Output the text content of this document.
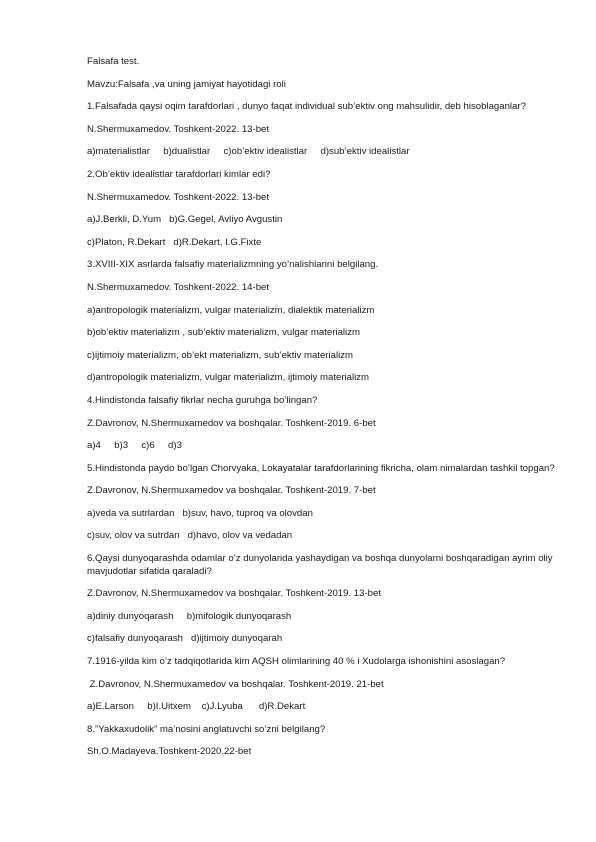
Falsafa test.
Mavzu:Falsafa ,va uning jamiyat hayotidagi roli
1.Falsafada qaysi oqim tarafdorlari , dunyo faqat individual sub’ektiv ong mahsulidir, deb hisoblaganlar?
N.Shermuxamedov. Toshkent-2022. 13-bet
a)materialistlar     b)dualistlar     c)ob’ektiv idealistlar     d)sub’ektiv idealistlar
2.Ob’ektiv idealistlar tarafdorlari kimlar edi?
N.Shermuxamedov. Toshkent-2022. 13-bet
a)J.Berkli, D.Yum   b)G.Gegel, Avliyo Avgustin
c)Platon, R.Dekart   d)R.Dekart, I.G.Fixte
3.XVIII-XIX asrlarda falsafiy materializmning yo’nalishlarini belgilang.
N.Shermuxamedov. Toshkent-2022. 14-bet
a)antropologik materializm, vulgar materializm, dialektik materializm
b)ob’ektiv materializm , sub’ektiv materializm, vulgar materializm
c)ijtimoiy materializm, ob’ekt materializm, sub’ektiv materializm
d)antropologik materializm, vulgar materializm, ijtimoiy materializm
4.Hindistonda falsafiy fikrlar necha guruhga bo’lingan?
Z.Davronov, N.Shermuxamedov va boshqalar. Toshkent-2019. 6-bet
a)4     b)3     c)6     d)3
5.Hindistonda paydo bo’lgan Chorvyaka, Lokayatalar tarafdorlarining fikricha, olam nimalardan tashkil topgan?
Z.Davronov, N.Shermuxamedov va boshqalar. Toshkent-2019. 7-bet
a)veda va sutrlardan   b)suv, havo, tuproq va olovdan
c)suv, olov va sutrdan   d)havo, olov va vedadan
6.Qaysi dunyoqarashda odamlar o’z dunyolarida yashaydigan va boshqa dunyolarni boshqaradigan ayrim oliy mavjudotlar sifatida qaraladi?
Z.Davronov, N.Shermuxamedov va boshqalar. Toshkent-2019. 13-bet
a)diniy dunyoqarash     b)mifologik dunyoqarash
c)falsafiy dunyoqarash   d)ijtimoiy dunyoqarah
7.1916-yilda kim o’z tadqiqotlarida kim AQSH olimlarining 40 % i Xudolarga ishonishini asoslagan?
Z.Davronov, N.Shermuxamedov va boshqalar. Toshkent-2019. 21-bet
a)E.Larson     b)I.Uitxem    c)J.Lyuba      d)R.Dekart
8.”Yakkaxudolik” ma’nosini anglatuvchi so’zni belgilang?
Sh.O.Madayeva.Toshkent-2020.22-bet
